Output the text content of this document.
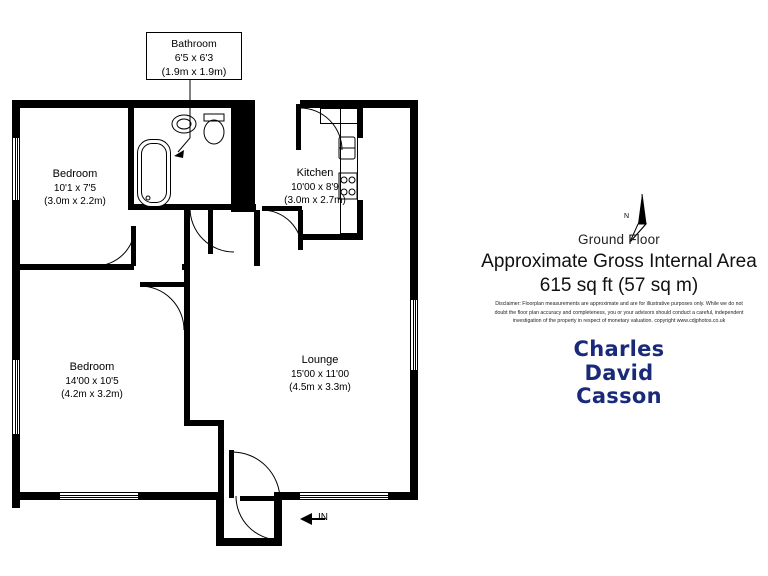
Bedroom
10'1 x 7'5
(3.0m x 2.2m)
Kitchen
10'00 x 8'9
(3.0m x 2.7m)
Bedroom
14'00 x 10'5
(4.2m x 3.2m)
Lounge
15'00 x 11'00
(4.5m x 3.3m)
Bathroom
6'5 x 6'3
(1.9m x 1.9m)
IN
N
Ground Floor
Approximate Gross Internal Area
615 sq ft (57 sq m)
Disclaimer: Floorplan measurements are approximate and are for illustrative purposes only. While we do not doubt the floor plan accuracy and completeness, you or your advisors should conduct a careful, independent investigation of the property in respect of monetary valuation. copyright www.cdjphotos.co.uk
Charles
David
Casson
